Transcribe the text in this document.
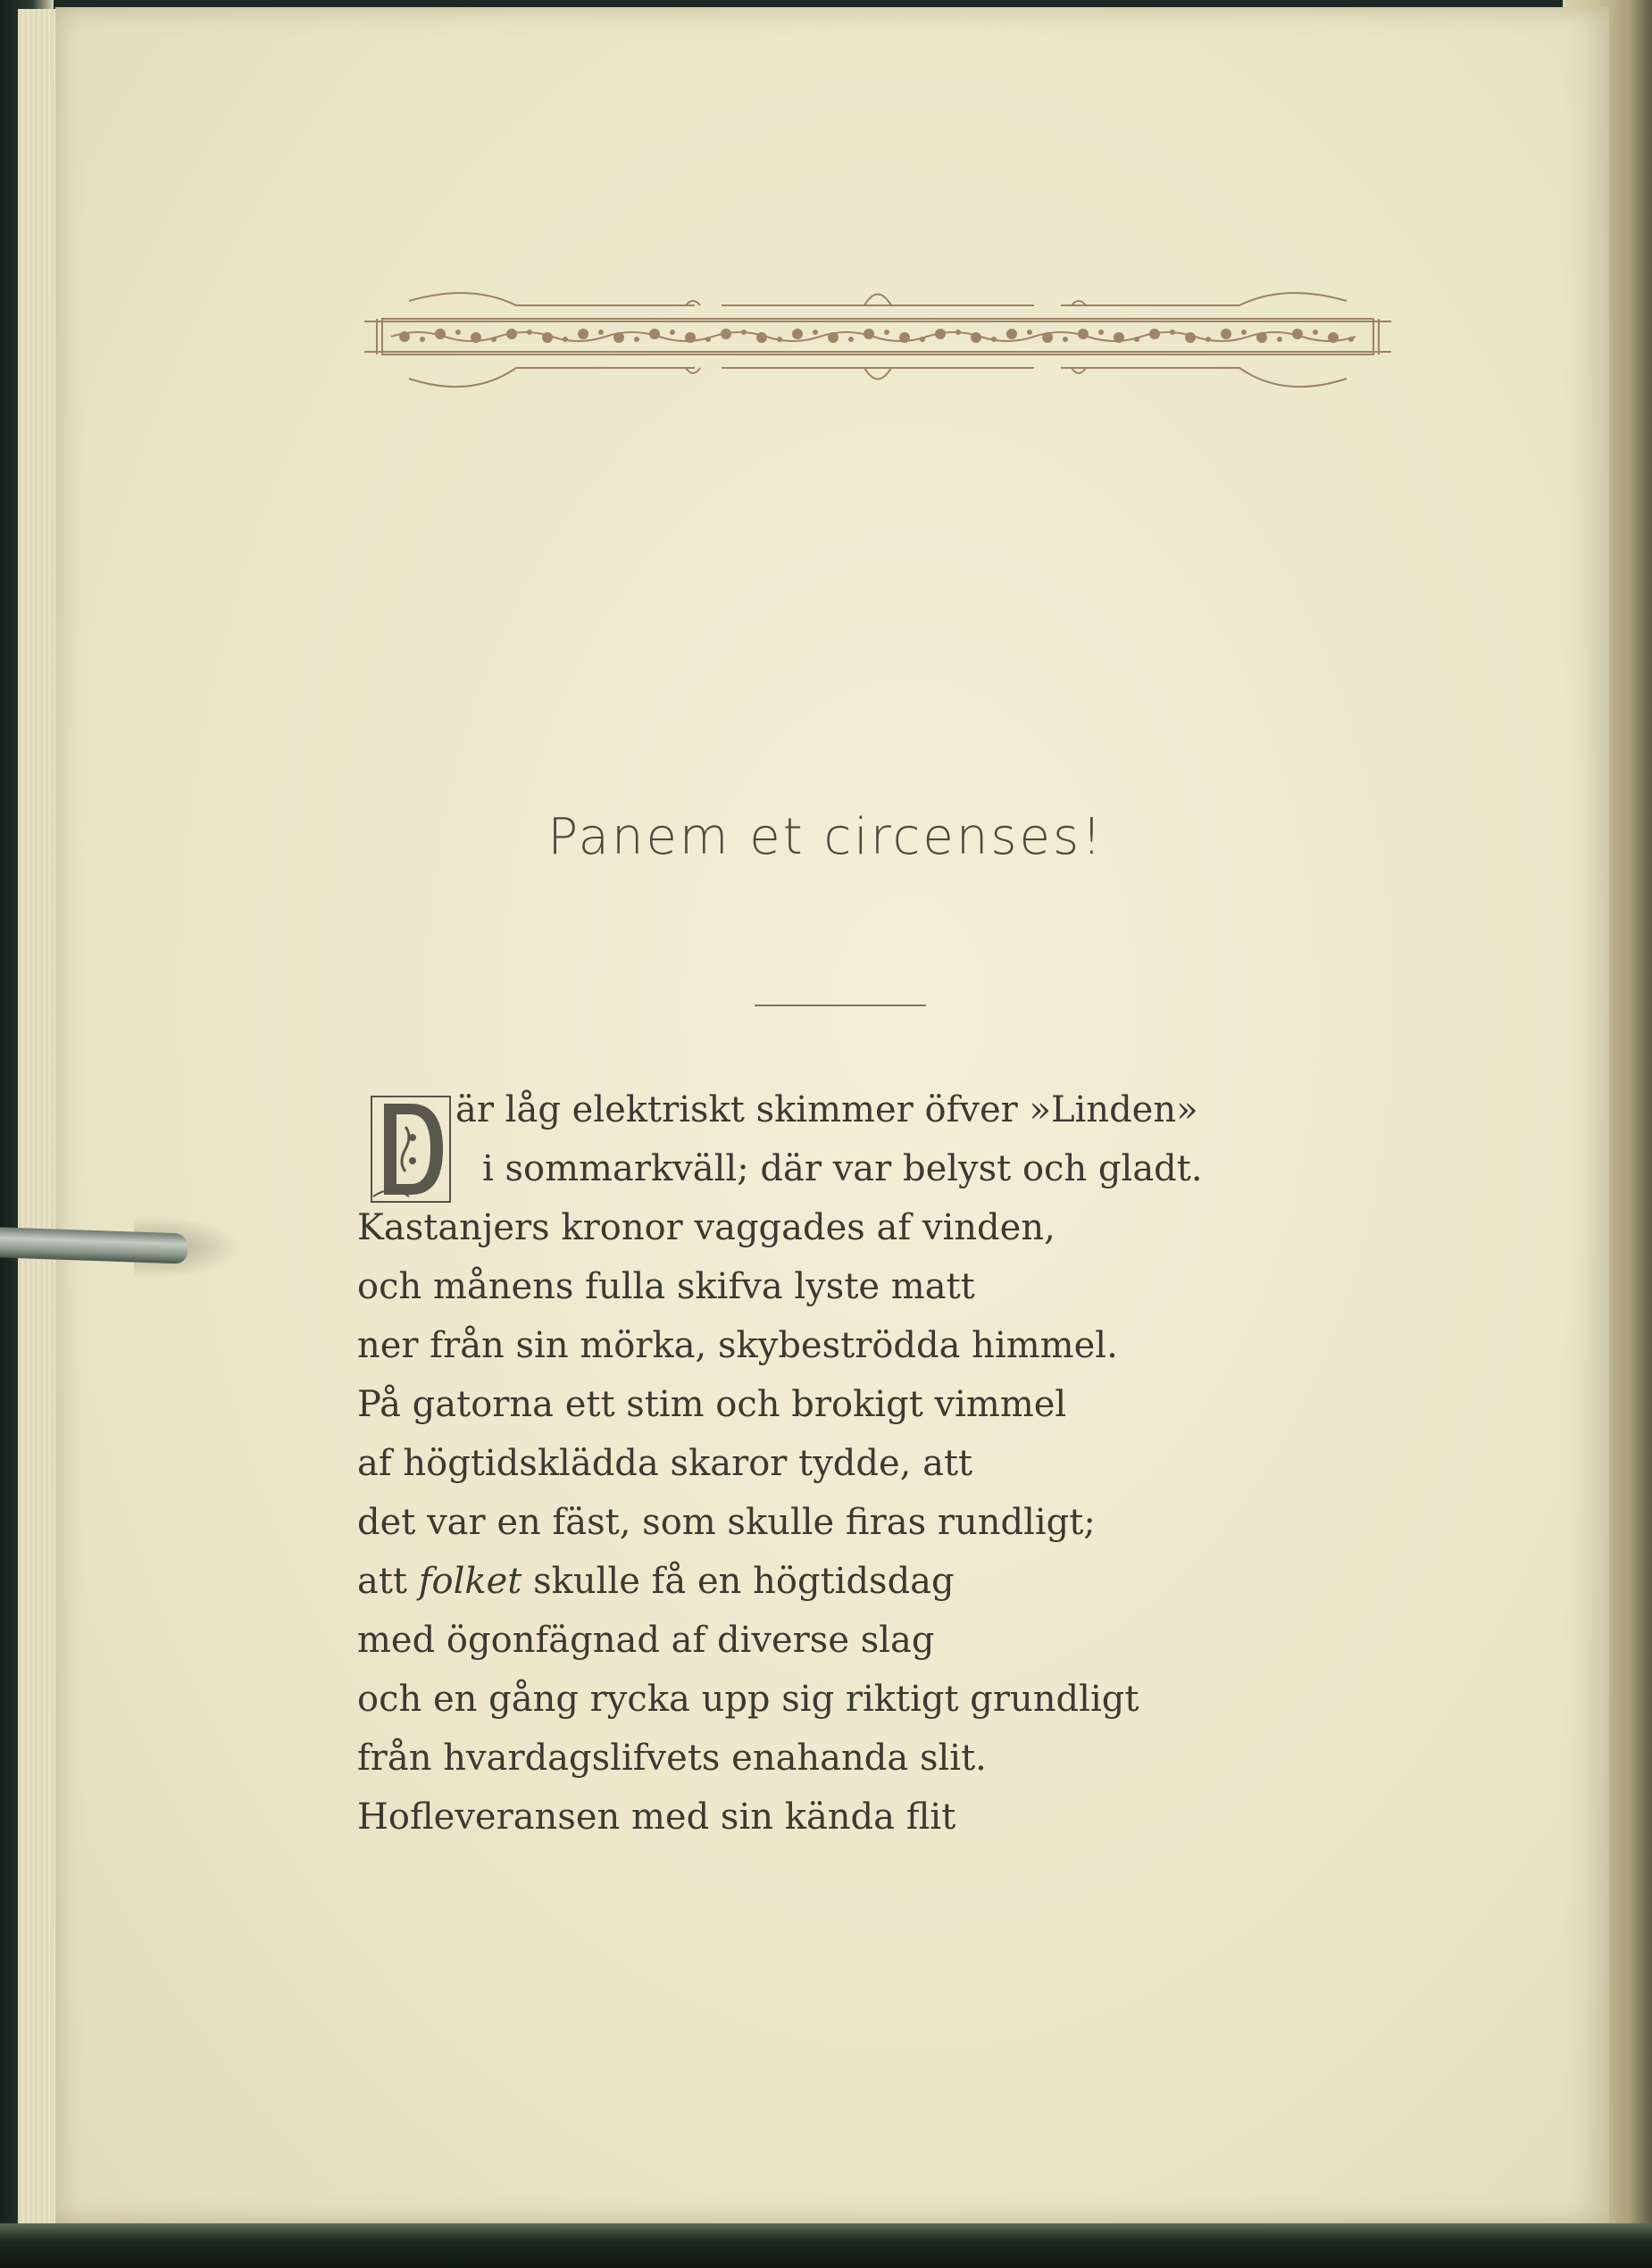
Panem et circenses!
D
är låg elektriskt skimmer öfver »Linden»
i sommarkväll; där var belyst och gladt.
Kastanjers kronor vaggades af vinden,
och månens fulla skifva lyste matt
ner från sin mörka, skybeströdda himmel.
På gatorna ett stim och brokigt vimmel
af högtidsklädda skaror tydde, att
det var en fäst, som skulle firas rundligt;
att folket skulle få en högtidsdag
med ögonfägnad af diverse slag
och en gång rycka upp sig riktigt grundligt
från hvardagslifvets enahanda slit.
Hofleveransen med sin kända flit
